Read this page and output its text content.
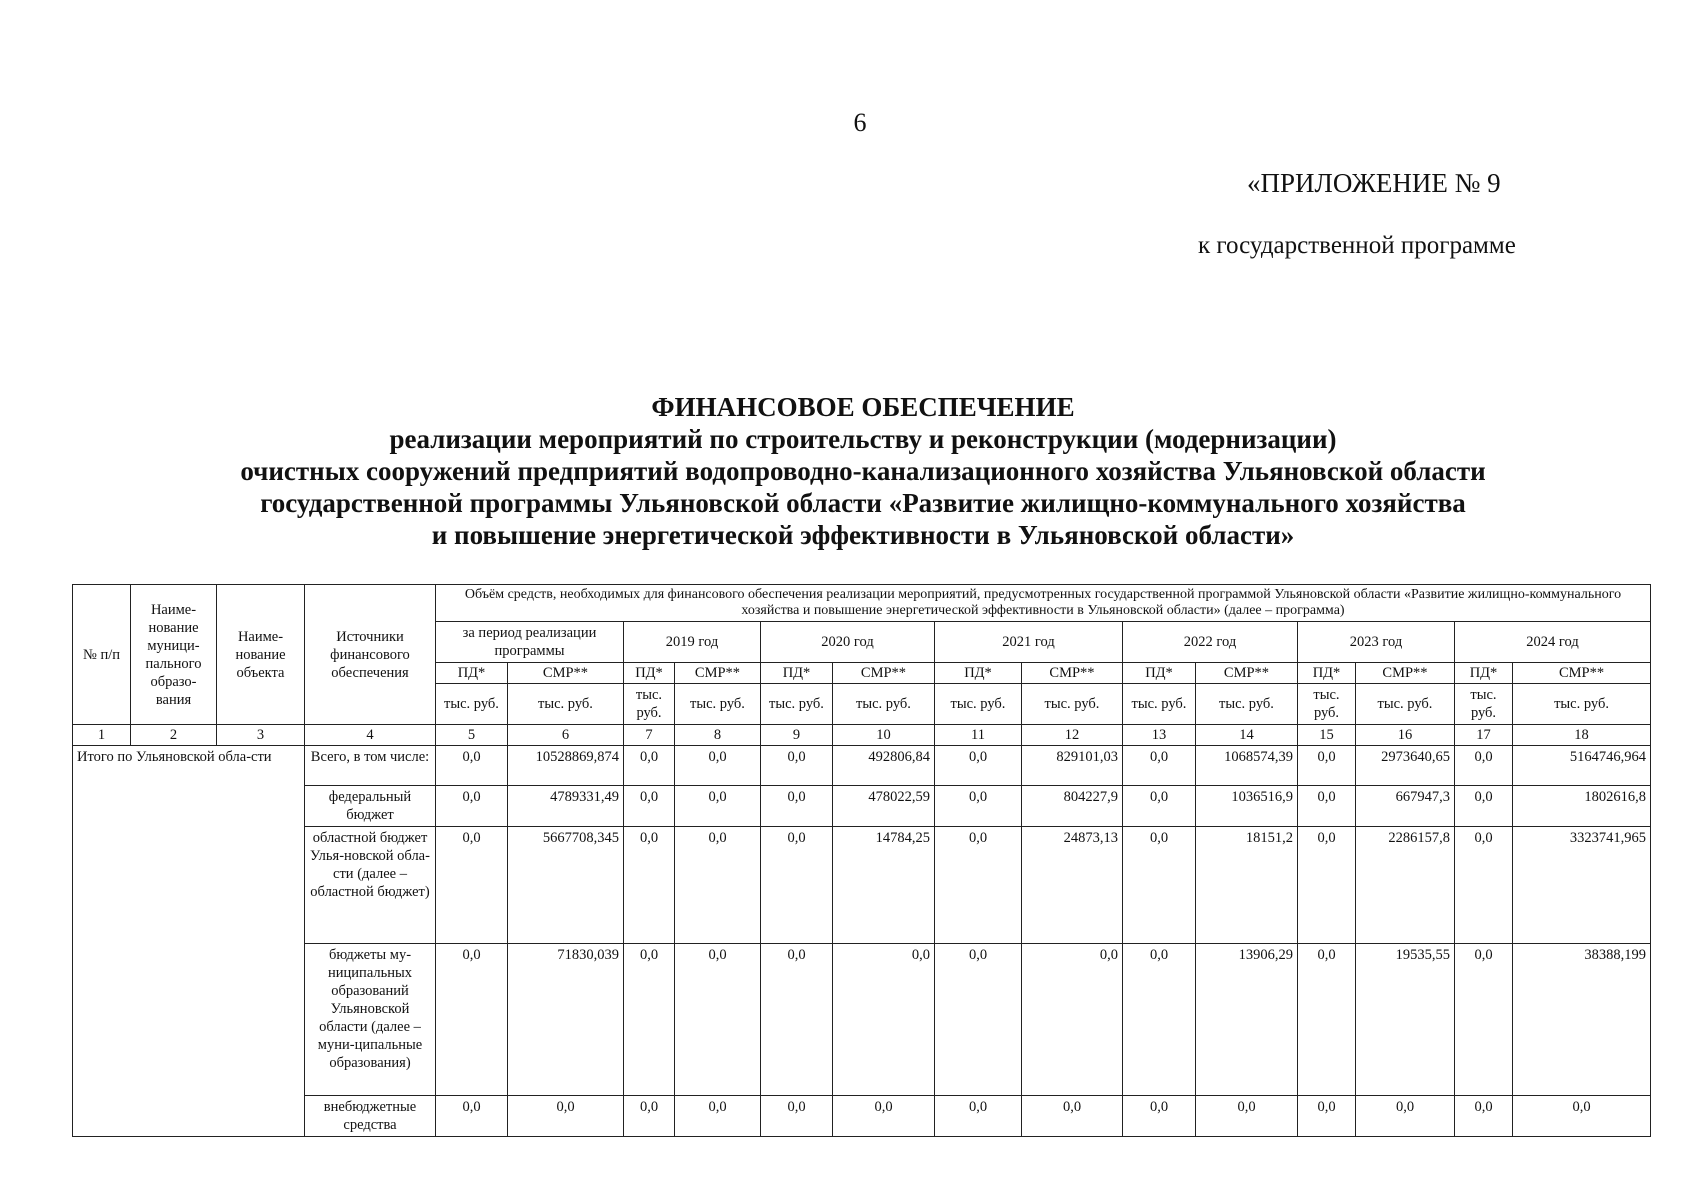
6
«ПРИЛОЖЕНИЕ № 9
к государственной программе
ФИНАНСОВОЕ ОБЕСПЕЧЕНИЕ
реализации мероприятий по строительству и реконструкции (модернизации)
очистных сооружений предприятий водопроводно-канализационного хозяйства Ульяновской области
государственной программы Ульяновской области «Развитие жилищно-коммунального хозяйства
и повышение энергетической эффективности в Ульяновской области»
№ п/п	Наиме-нование муници-пального образо-вания	Наиме-нование объекта	Источники финансового обеспечения	Объём средств, необходимых для финансового обеспечения реализации мероприятий, предусмотренных государственной программой Ульяновской области «Развитие жилищно-коммунального хозяйства и повышение энергетической эффективности в Ульяновской области» (далее – программа)													
				за период реализации программы		2019 год		2020 год		2021 год		2022 год		2023 год		2024 год	
				ПД*	СМР**	ПД*	СМР**	ПД*	СМР**	ПД*	СМР**	ПД*	СМР**	ПД*	СМР**	ПД*	СМР**
				тыс. руб.	тыс. руб.	тыс. руб.	тыс. руб.	тыс. руб.	тыс. руб.	тыс. руб.	тыс. руб.	тыс. руб.	тыс. руб.	тыс. руб.	тыс. руб.	тыс. руб.	тыс. руб.
1	2	3	4	5	6	7	8	9	10	11	12	13	14	15	16	17	18
Итого по Ульяновской обла-сти			Всего, в том числе:	0,0	10528869,874	0,0	0,0	0,0	492806,84	0,0	829101,03	0,0	1068574,39	0,0	2973640,65	0,0	5164746,964
			федеральный бюджет	0,0	4789331,49	0,0	0,0	0,0	478022,59	0,0	804227,9	0,0	1036516,9	0,0	667947,3	0,0	1802616,8
			областной бюджет Улья-новской обла-сти (далее – областной бюджет)	0,0	5667708,345	0,0	0,0	0,0	14784,25	0,0	24873,13	0,0	18151,2	0,0	2286157,8	0,0	3323741,965
			бюджеты му-ниципальных образований Ульяновской области (далее – муни-ципальные образования)	0,0	71830,039	0,0	0,0	0,0	0,0	0,0	0,0	0,0	13906,29	0,0	19535,55	0,0	38388,199
			внебюджетные средства	0,0	0,0	0,0	0,0	0,0	0,0	0,0	0,0	0,0	0,0	0,0	0,0	0,0	0,0
